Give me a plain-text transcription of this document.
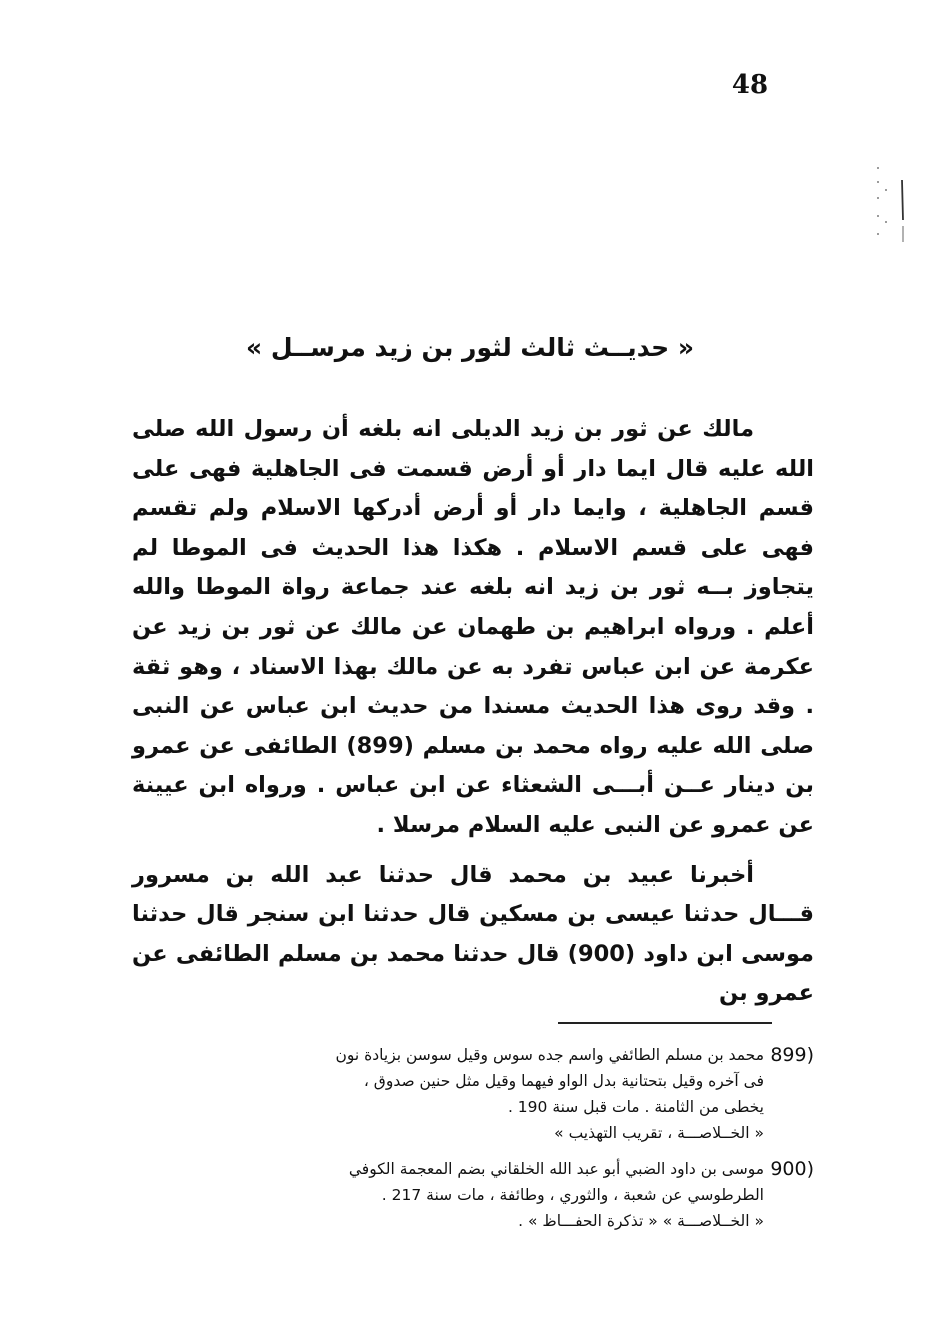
48
« حديــث ثالث لثور بن زيد مرســل »

مالك عن ثور بن زيد الديلى انه بلغه أن رسول الله صلى الله عليه قال ايما دار أو أرض قسمت فى الجاهلية فهى على قسم الجاهلية ، وايما دار أو أرض أدركها الاسلام ولم تقسم فهى على قسم الاسلام . هكذا هذا الحديث فى الموطا لم يتجاوز بــه ثور بن زيد انه بلغه عند جماعة رواة الموطا والله أعلم . ورواه ابراهيم بن طهمان عن مالك عن ثور بن زيد عن عكرمة عن ابن عباس تفرد به عن مالك بهذا الاسناد ، وهو ثقة . وقد روى هذا الحديث مسندا من حديث ابن عباس عن النبى صلى الله عليه رواه محمد بن مسلم (899) الطائفى عن عمرو بن دينار عــن أبـــى الشعثاء عن ابن عباس . ورواه ابن عيينة عن عمرو عن النبى عليه السلام مرسلا .

أخبرنا عبيد بن محمد قال حدثنا عبد الله بن مسرور قـــال حدثنا عيسى بن مسكين قال حدثنا ابن سنجر قال حدثنا موسى ابن داود (900) قال حدثنا محمد بن مسلم الطائفى عن عمرو بن

(899
محمد بن مسلم الطائفي واسم جده سوس وقيل سوسن بزيادة نون
فى آخره وقيل بتحتانية بدل الواو فيهما وقيل مثل حنين صدوق ،
يخطى من الثامنة . مات قبل سنة 190 .
« الخــلاصـــة ، تقريب التهذيب »
(900
موسى بن داود الضبي أبو عبد الله الخلقاني بضم المعجمة الكوفي
الطرطوسي عن شعبة ، والثوري ، وطائفة ، مات سنة 217 .
« الخــلاصـــة » « تذكرة الحفـــاظ » .
